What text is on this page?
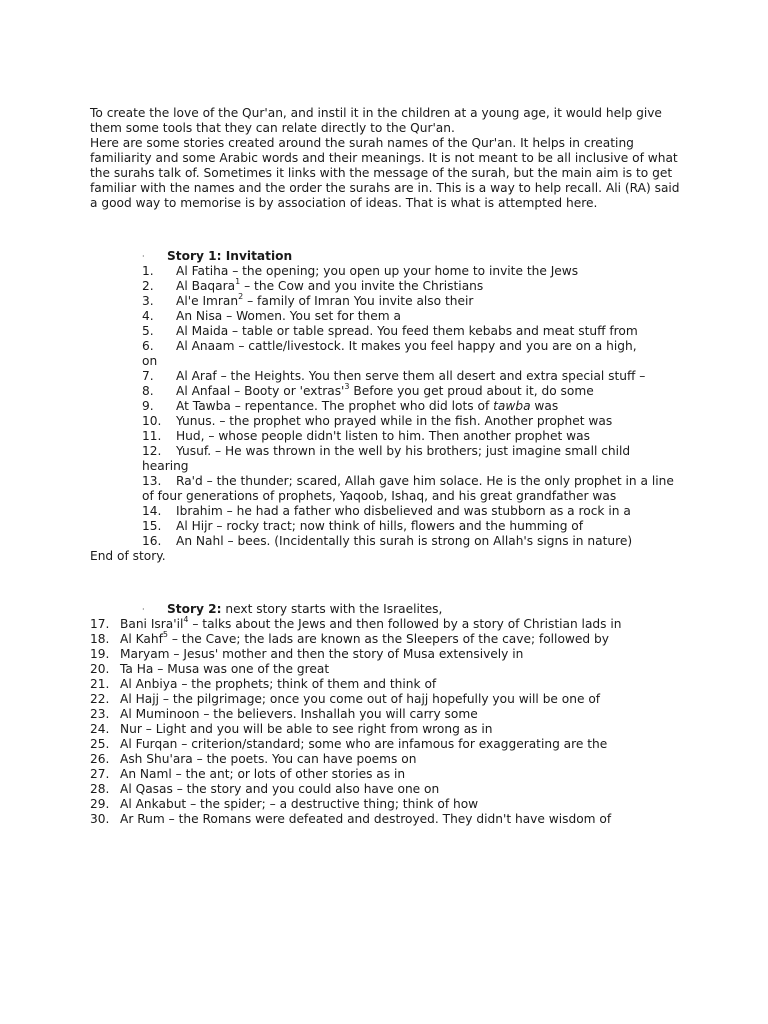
To create the love of the Qur'an, and instil it in the children at a young age, it would help give them some tools that they can relate directly to the Qur'an.

Here are some stories created around the surah names of the Qur'an. It helps in creating familiarity and some Arabic words and their meanings. It is not meant to be all inclusive of what the surahs talk of. Sometimes it links with the message of the surah, but the main aim is to get familiar with the names and the order the surahs are in. This is a way to help recall. Ali (RA) said a good way to memorise is by association of ideas. That is what is attempted here.

· Story 1: Invitation
1. Al Fatiha – the opening; you open up your home to invite the Jews
2. Al Baqara$^1$ – the Cow and you invite the Christians
3. Al'e Imran$^2$ – family of Imran You invite also their
4. An Nisa – Women. You set for them a
5. Al Maida – table or table spread. You feed them kebabs and meat stuff from
6. Al Anaam – cattle/livestock. It makes you feel happy and you are on a high,
on
7. Al Araf – the Heights. You then serve them all desert and extra special stuff –
8. Al Anfaal – Booty or '$extras'^3$ Before you get proud about it, do some
9. At Tawba – repentance. The prophet who did lots of tawba was
10. Yunus. – the prophet who prayed while in the fish. Another prophet was
11. Hud, – whose people didn't listen to him. Then another prophet was
12. Yusuf. – He was thrown in the well by his brothers; just imagine small child
hearing
13. Ra'd – the thunder; scared, Allah gave him solace. He is the only prophet in a line of four generations of prophets, Yaqoob, Ishaq, and his great grandfather was
14. Ibrahim – he had a father who disbelieved and was stubborn as a rock in a
15. Al Hijr – rocky tract; now think of hills, flowers and the humming of
16. An Nahl – bees. (Incidentally this surah is strong on Allah's signs in nature)
End of story.
· Story 2: next story starts with the Israelites,
17. Bani $Isra'il^4$ – talks about the Jews and then followed by a story of Christian lads in
18. Al Kahf$^5$ – the Cave; the lads are known as the Sleepers of the cave; followed by
19. Maryam – Jesus' mother and then the story of Musa extensively in
20. Ta Ha – Musa was one of the great
21. Al Anbiya – the prophets; think of them and think of
22. Al Hajj – the pilgrimage; once you come out of hajj hopefully you will be one of
23. Al Muminoon – the believers. Inshallah you will carry some
24. Nur – Light and you will be able to see right from wrong as in
25. Al Furqan – criterion/standard; some who are infamous for exaggerating are the
26. Ash Shu'ara – the poets. You can have poems on
27. An Naml – the ant; or lots of other stories as in
28. Al Qasas – the story and you could also have one on
29. Al Ankabut – the spider; – a destructive thing; think of how
30. Ar Rum – the Romans were defeated and destroyed. They didn't have wisdom of
